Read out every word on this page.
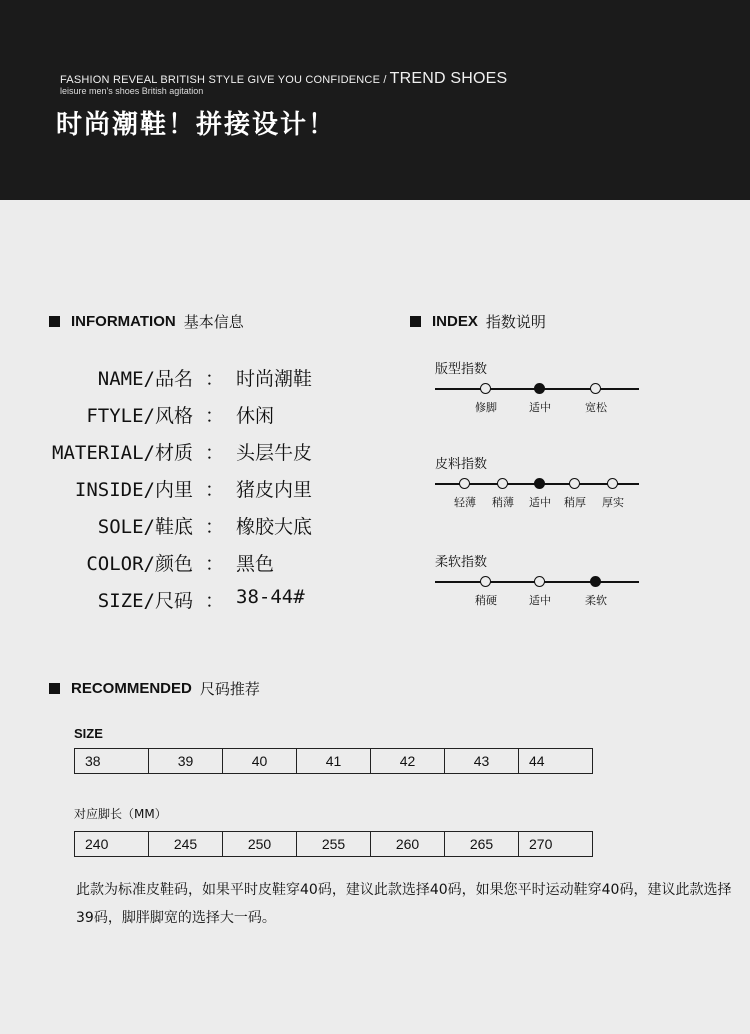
FASHION REVEAL BRITISH STYLE GIVE YOU CONFIDENCE / TREND SHOES
leisure men's shoes British agitation
时尚潮鞋！拼接设计！
INFORMATION 基本信息
NAME/品名 ： 时尚潮鞋
FTYLE/风格 ： 休闲
MATERIAL/材质 ： 头层牛皮
INSIDE/内里 ： 猪皮内里
SOLE/鞋底 ： 橡胶大底
COLOR/颜色 ： 黑色
SIZE/尺码 ： 38-44#
INDEX 指数说明
版型指数
修脚	适中	宽松
皮料指数
轻薄 稍薄 适中 稍厚 厚实
柔软指数
稍硬	适中	柔软
RECOMMENDED 尺码推荐
SIZE
38	39	40	41	42	43	44
对应脚长（MM）
240	245	250	255	260	265	270
此款为标准皮鞋码，如果平时皮鞋穿40码，建议此款选择40码，如果您平时运动鞋穿40码，建议此款选择39码，脚胖脚宽的选择大一码。
